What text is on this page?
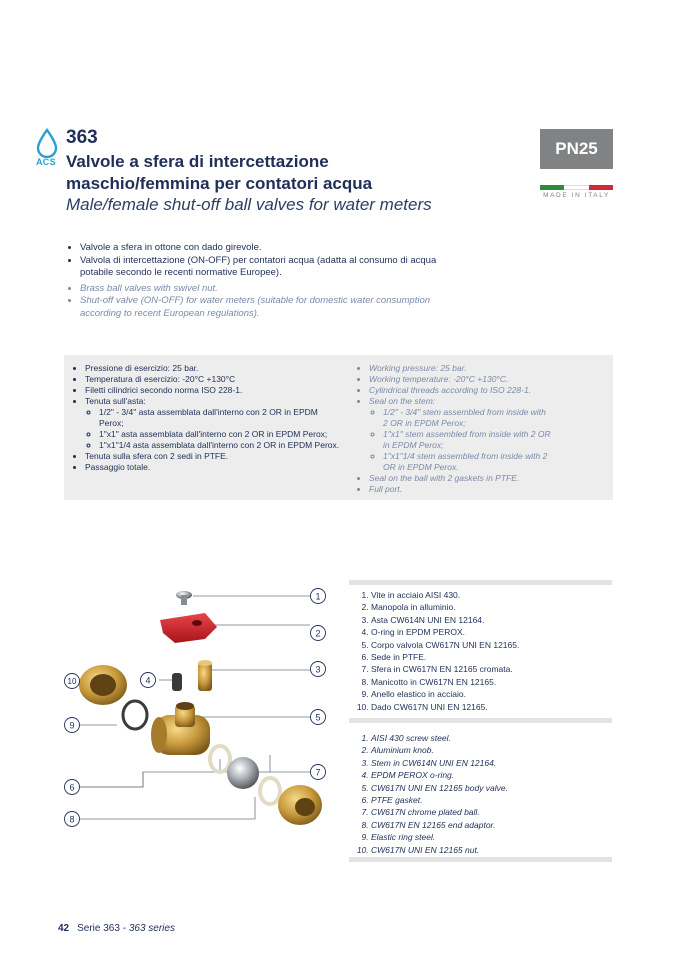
ACS
363
Valvole a sfera di intercettazione
maschio/femmina per contatori acqua
Male/female shut-off ball valves for water meters
PN25
MADE IN ITALY
• Valvole a sfera in ottone con dado girevole.
• Valvola di intercettazione (ON-OFF) per contatori acqua (adatta al consumo di acqua potabile secondo le recenti normative Europee).
• Brass ball valves with swivel nut.
• Shut-off valve (ON-OFF) for water meters (suitable for domestic water consumption according to recent European regulations).
• Pressione di esercizio: 25 bar.
• Temperatura di esercizio: -20°C +130°C
• Filetti cilindrici secondo norma ISO 228-1.
• Tenuta sull'asta:
◦ 1/2" - 3/4" asta assemblata dall'interno con 2 OR in EPDM Perox;
◦ 1"x1" asta assemblata dall'interno con 2 OR in EPDM Perox;
◦ 1"x1"1/4 asta assemblata dall'interno con 2 OR in EPDM Perox.
• Tenuta sulla sfera con 2 sedi in PTFE.
• Passaggio totale.
• Working pressure: 25 bar.
• Working temperature: -20°C +130°C.
• Cylindrical threads according to ISO 228-1.
• Seal on the stem:
◦ 1/2" - 3/4" stem assembled from inside with 2 OR in EPDM Perox;
◦ 1"x1" stem assembled from inside with 2 OR in EPDM Perox;
◦ 1"x1"1/4 stem assembled from inside with 2 OR in EPDM Perox.
• Seal on the ball with 2 gaskets in PTFE.
• Full port.
1
2
3
4
5
6
7
8
9
10
1. Vite in acciaio AISI 430.
2. Manopola in alluminio.
3. Asta CW614N UNI EN 12164.
4. O-ring in EPDM PEROX.
5. Corpo valvola CW617N UNI EN 12165.
6. Sede in PTFE.
7. Sfera in CW617N EN 12165 cromata.
8. Manicotto in CW617N EN 12165.
9. Anello elastico in acciaio.
10. Dado CW617N UNI EN 12165.
1. AISI 430 screw steel.
2. Aluminium knob.
3. Stem in CW614N UNI EN 12164.
4. EPDM PEROX o-ring.
5. CW617N UNI EN 12165 body valve.
6. PTFE gasket.
7. CW617N chrome plated ball.
8. CW617N EN 12165 end adaptor.
9. Elastic ring steel.
10. CW617N UNI EN 12165 nut.
42 Serie 363 - 363 series
